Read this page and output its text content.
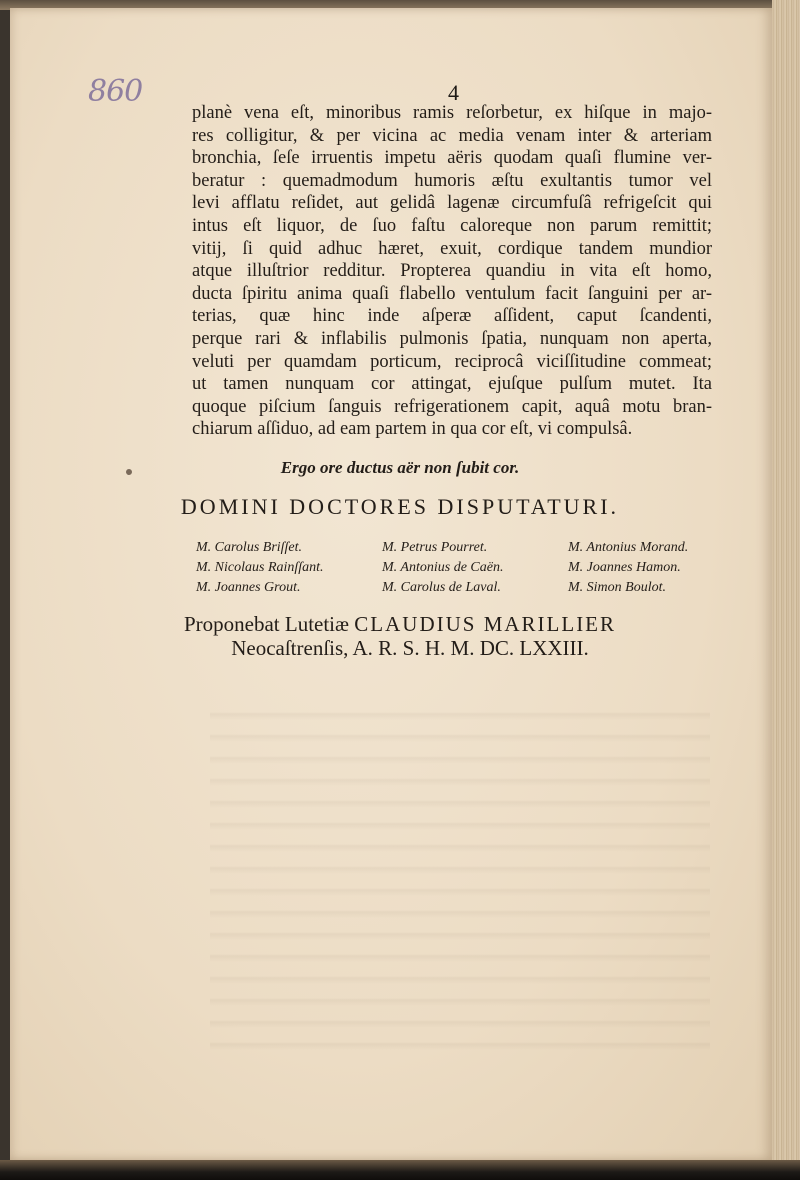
860	4
planè vena eſt, minoribus ramis reſorbetur, ex hiſque in majo-
res colligitur, & per vicina ac media venam inter & arteriam
bronchia, ſeſe irruentis impetu aëris quodam quaſi flumine ver-
beratur : quemadmodum humoris æſtu exultantis tumor vel
levi afflatu reſidet, aut gelidâ lagenæ circumfuſâ refrigeſcit qui
intus eſt liquor, de ſuo faſtu caloreque non parum remittit;
vitij, ſi quid adhuc hæret, exuit, cordique tandem mundior
atque illuſtrior redditur. Propterea quandiu in vita eſt homo,
ducta ſpiritu anima quaſi flabello ventulum facit ſanguini per ar-
terias, quæ hinc inde aſperæ aſſident, caput ſcandenti,
perque rari & inflabilis pulmonis ſpatia, nunquam non aperta,
veluti per quamdam porticum, reciprocâ viciſſitudine commeat;
ut tamen nunquam cor attingat, ejuſque pulſum mutet. Ita
quoque piſcium ſanguis refrigerationem capit, aquâ motu bran-
chiarum aſſiduo, ad eam partem in qua cor eſt, vi compulsâ.
Ergo ore ductus aër non ſubit cor.
DOMINI DOCTORES DISPUTATURI.
M. Carolus Briſſet.	M. Petrus Pourret.	M. Antonius Morand.
M. Nicolaus Rainſſant.	M. Antonius de Caën.	M. Joannes Hamon.
M. Joannes Grout.	M. Carolus de Laval.	M. Simon Boulot.
Proponebat Lutetiæ CLAUDIUS MARILLIER
Neocaſtrenſis, A. R. S. H. M. DC. LXXIII.
